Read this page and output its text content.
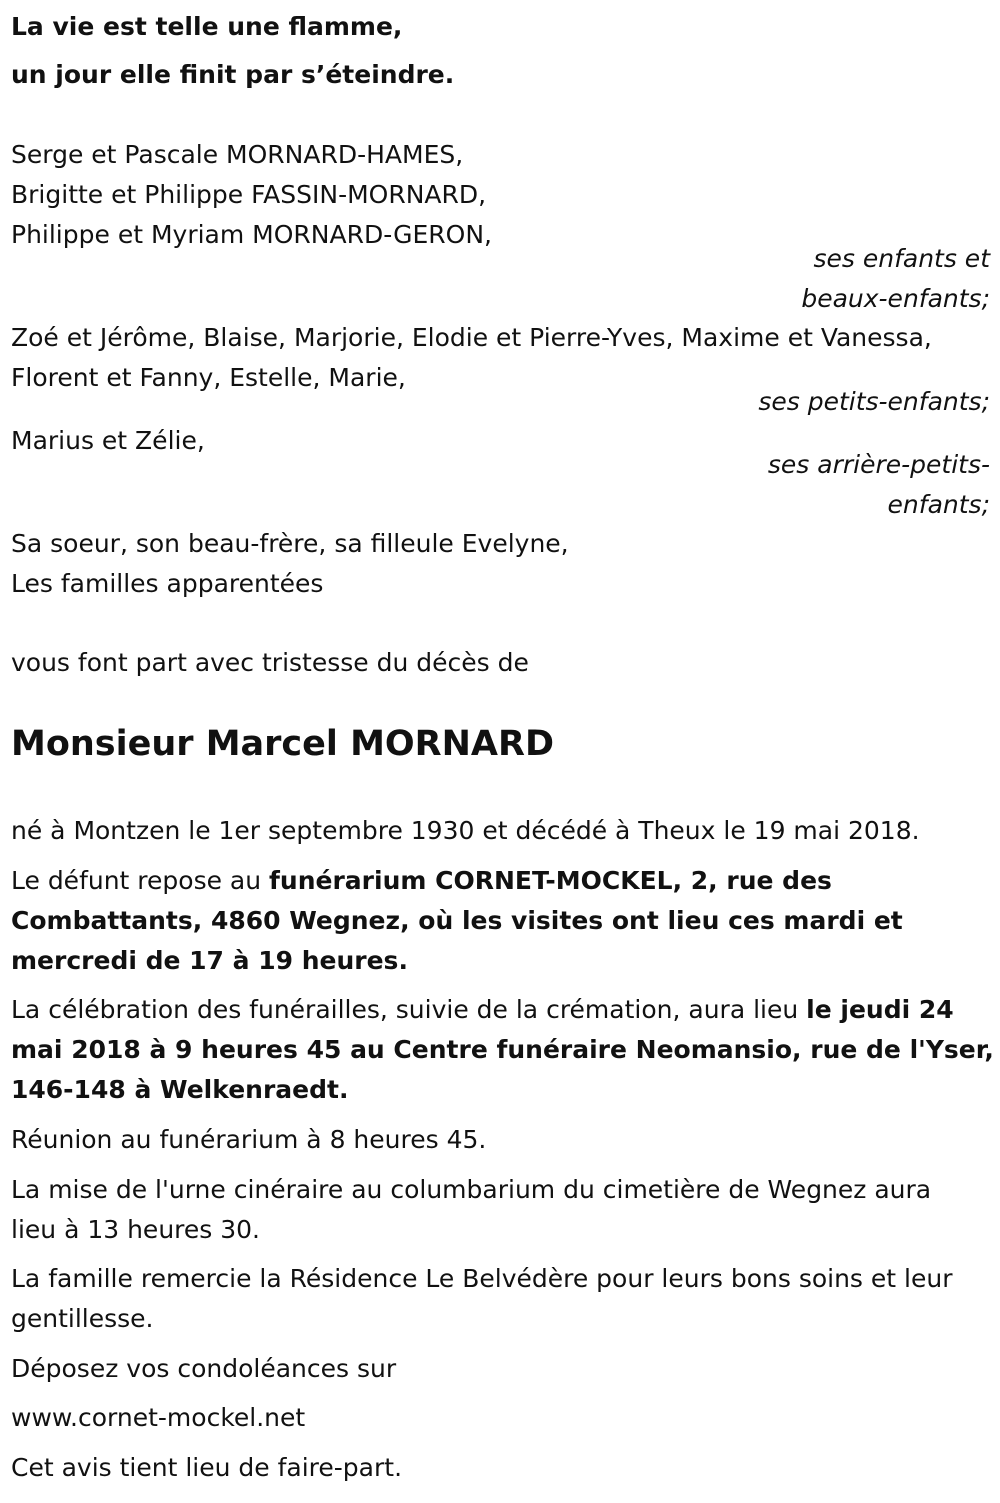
La vie est telle une flamme,
un jour elle finit par s’éteindre.
Serge et Pascale MORNARD-HAMES,
Brigitte et Philippe FASSIN-MORNARD,
Philippe et Myriam MORNARD-GERON,
ses enfants et
beaux-enfants;
Zoé et Jérôme, Blaise, Marjorie, Elodie et Pierre-Yves, Maxime et Vanessa,
Florent et Fanny, Estelle, Marie,
ses petits-enfants;
Marius et Zélie,
ses arrière-petits-
enfants;
Sa soeur, son beau-frère, sa filleule Evelyne,
Les familles apparentées
vous font part avec tristesse du décès de
Monsieur Marcel MORNARD
né à Montzen le 1er septembre 1930 et décédé à Theux le 19 mai 2018.
Le défunt repose au funérarium CORNET-MOCKEL, 2, rue des Combattants, 4860 Wegnez, où les visites ont lieu ces mardi et mercredi de 17 à 19 heures.
La célébration des funérailles, suivie de la crémation, aura lieu le jeudi 24 mai 2018 à 9 heures 45 au Centre funéraire Neomansio, rue de l'Yser, 146-148 à Welkenraedt.
Réunion au funérarium à 8 heures 45.
La mise de l'urne cinéraire au columbarium du cimetière de Wegnez aura lieu à 13 heures 30.
La famille remercie la Résidence Le Belvédère pour leurs bons soins et leur gentillesse.
Déposez vos condoléances sur
www.cornet-mockel.net
Cet avis tient lieu de faire-part.
